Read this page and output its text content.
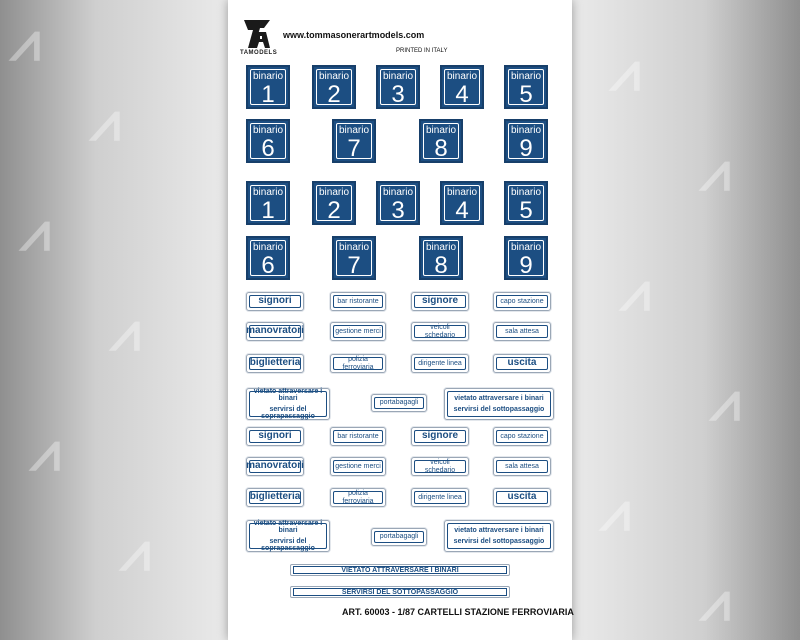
⩘
⩘
⩘
⩘
⩘
⩘
⩘
⩘
⩘
⩘
⩘
⩘
TAMODELS
www.tommasonerartmodels.com
PRINTED IN ITALY
binario
1
binario
2
binario
3
binario
4
binario
5
binario
6
binario
7
binario
8
binario
9
binario
1
binario
2
binario
3
binario
4
binario
5
binario
6
binario
7
binario
8
binario
9
signori	bar ristorante	signore	capo stazione
manovratori	gestione merci
veicoli schedario
sala attesa
biglietteria	polizia ferroviaria
dirigente linea	uscita
vietato attraversare i binari
servirsi del soprapassaggio
portabagagli
vietato attraversare i binari
servirsi del sottopassaggio
signori	bar ristorante	signore	capo stazione
manovratori	gestione merci
veicoli schedario
sala attesa
biglietteria	polizia ferroviaria
dirigente linea	uscita
vietato attraversare i binari
servirsi del soprapassaggio
portabagagli
vietato attraversare i binari
servirsi del sottopassaggio
VIETATO ATTRAVERSARE I BINARI
SERVIRSI DEL SOTTOPASSAGGIO
ART. 60003 - 1/87 CARTELLI STAZIONE FERROVIARIA
